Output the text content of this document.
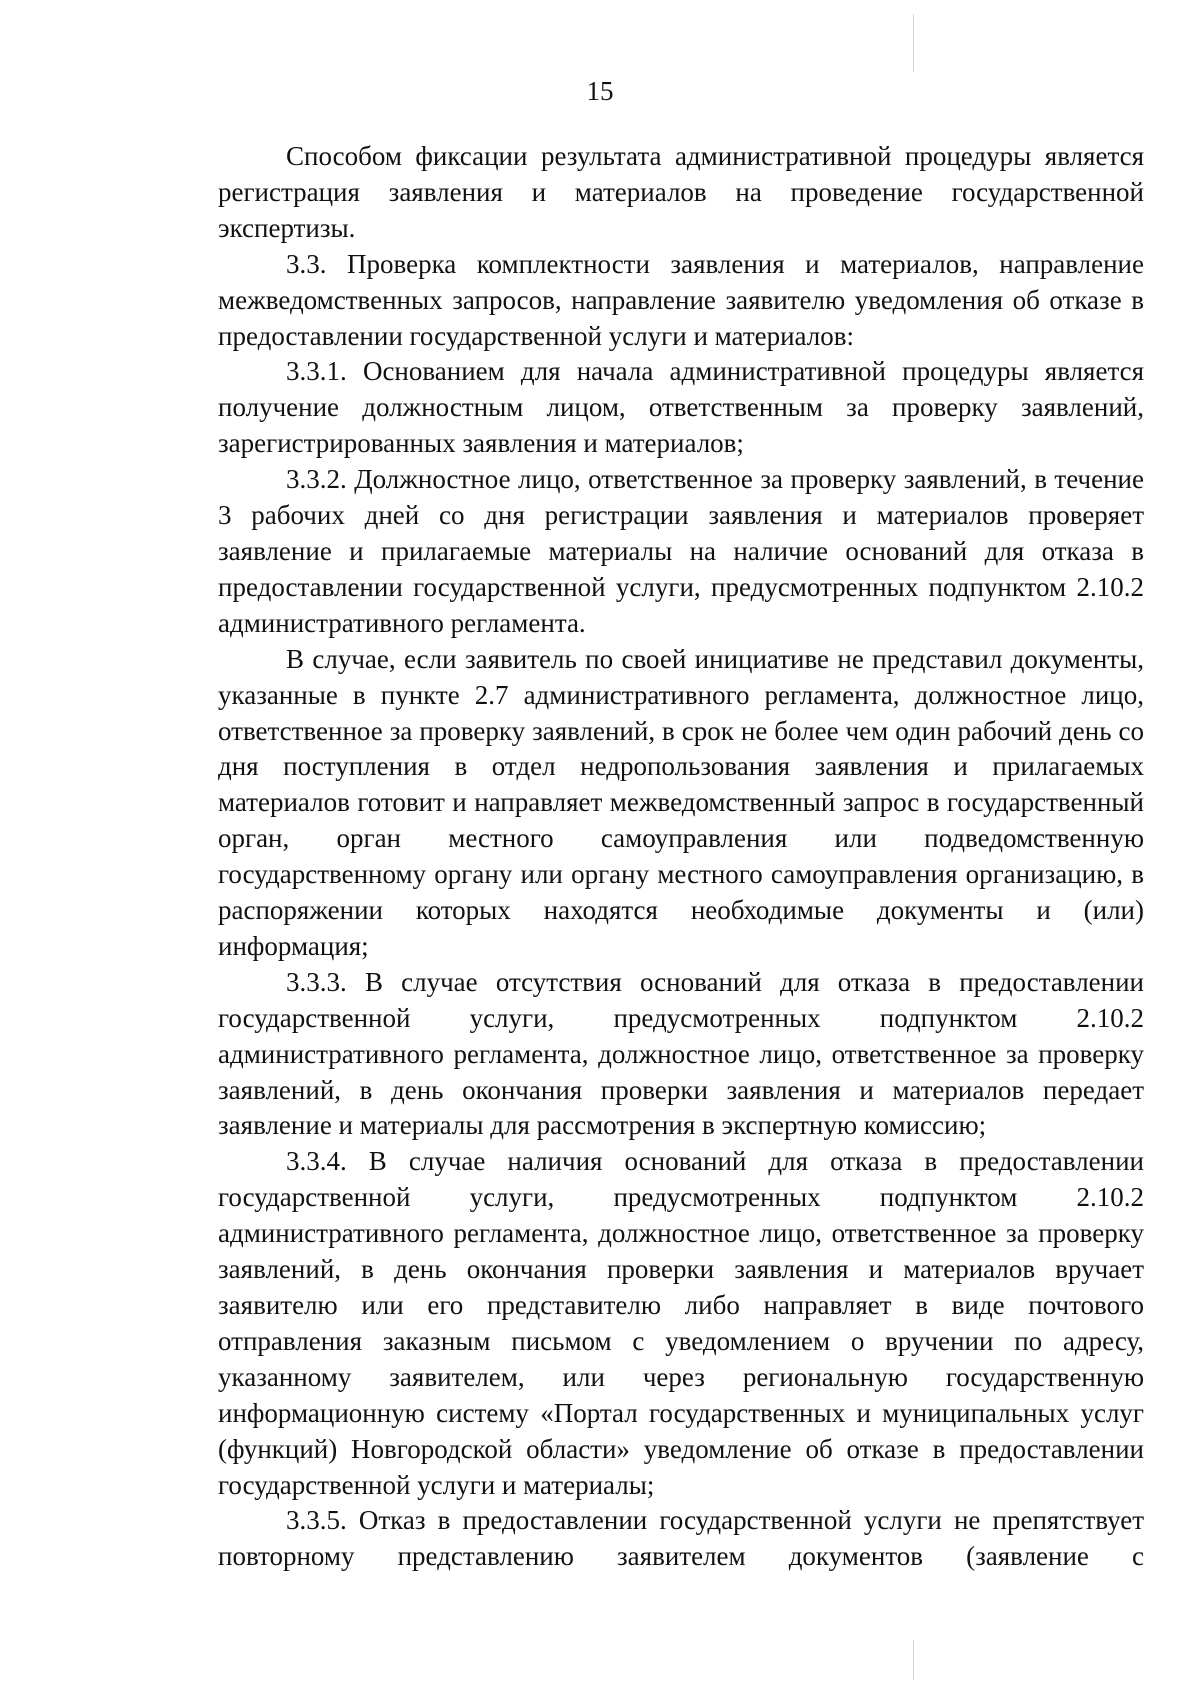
15

Способом фиксации результата административной процедуры является регистрация заявления и материалов на проведение государственной экспертизы.

3.3. Проверка комплектности заявления и материалов, направление межведомственных запросов, направление заявителю уведомления об отказе в предоставлении государственной услуги и материалов:

3.3.1. Основанием для начала административной процедуры является получение должностным лицом, ответственным за проверку заявлений, зарегистрированных заявления и материалов;

3.3.2. Должностное лицо, ответственное за проверку заявлений, в течение 3 рабочих дней со дня регистрации заявления и материалов проверяет заявление и прилагаемые материалы на наличие оснований для отказа в предоставлении государственной услуги, предусмотренных подпунктом 2.10.2 административного регламента.

В случае, если заявитель по своей инициативе не представил документы, указанные в пункте 2.7 административного регламента, должностное лицо, ответственное за проверку заявлений, в срок не более чем один рабочий день со дня поступления в отдел недропользования заявления и прилагаемых материалов готовит и направляет межведомственный запрос в государственный орган, орган местного самоуправления или подведомственную государственному органу или органу местного самоуправления организацию, в распоряжении которых находятся необходимые документы и (или) информация;

3.3.3. В случае отсутствия оснований для отказа в предоставлении государственной услуги, предусмотренных подпунктом 2.10.2 административного регламента, должностное лицо, ответственное за проверку заявлений, в день окончания проверки заявления и материалов передает заявление и материалы для рассмотрения в экспертную комиссию;

3.3.4. В случае наличия оснований для отказа в предоставлении государственной услуги, предусмотренных подпунктом 2.10.2 административного регламента, должностное лицо, ответственное за проверку заявлений, в день окончания проверки заявления и материалов вручает заявителю или его представителю либо направляет в виде почтового отправления заказным письмом с уведомлением о вручении по адресу, указанному заявителем, или через региональную государственную информационную систему «Портал государственных и муниципальных услуг (функций) Новгородской области» уведомление об отказе в предоставлении государственной услуги и материалы;

3.3.5. Отказ в предоставлении государственной услуги не препятствует повторному представлению заявителем документов (заявление с
